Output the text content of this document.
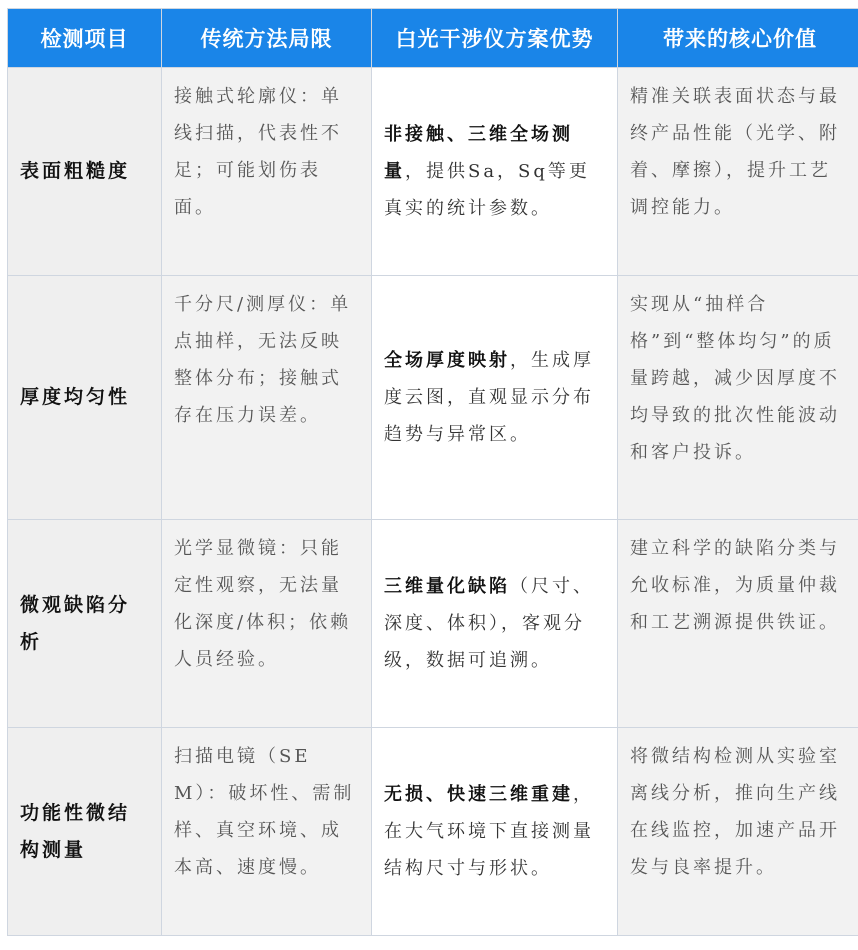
检测项目	传统方法局限	白光干涉仪方案优势	带来的核心价值
表面粗糙度	接触式轮廓仪：单线扫描，代表性不足；可能划伤表面。	非接触、三维全场测量，提供Sa，Sq等更真实的统计参数。	精准关联表面状态与最终产品性能（光学、附着、摩擦），提升工艺调控能力。
厚度均匀性	千分尺/测厚仪：单点抽样，无法反映整体分布；接触式存在压力误差。	全场厚度映射，生成厚度云图，直观显示分布趋势与异常区。	实现从“抽样合格”到“整体均匀”的质量跨越，减少因厚度不均导致的批次性能波动和客户投诉。
微观缺陷分析	光学显微镜：只能定性观察，无法量化深度/体积；依赖人员经验。	三维量化缺陷（尺寸、深度、体积），客观分级，数据可追溯。	建立科学的缺陷分类与允收标准，为质量仲裁和工艺溯源提供铁证。
功能性微结构测量	扫描电镜（SEM）：破坏性、需制样、真空环境、成本高、速度慢。	无损、快速三维重建，在大气环境下直接测量结构尺寸与形状。	将微结构检测从实验室离线分析，推向生产线在线监控，加速产品开发与良率提升。
